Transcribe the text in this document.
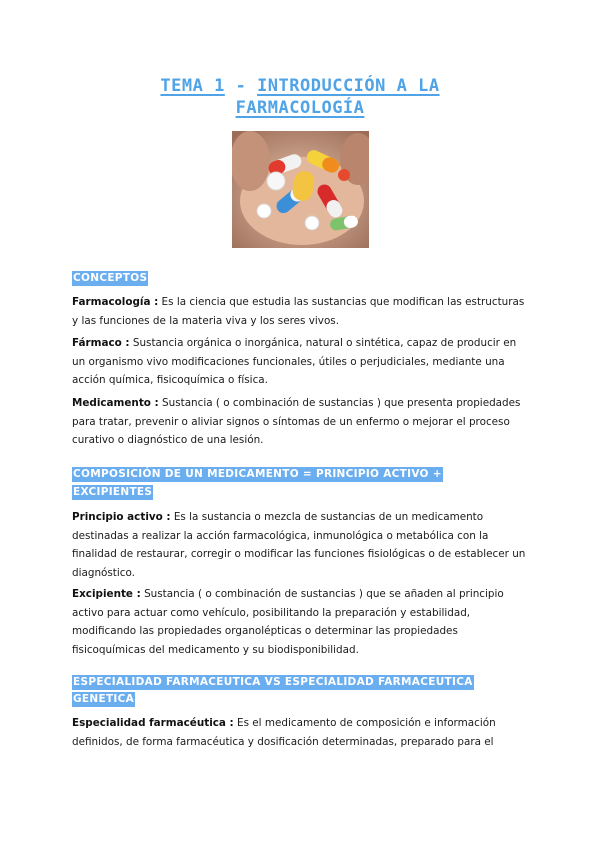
TEMA 1 - INTRODUCCIÓN A LA
FARMACOLOGÍA
CONCEPTOS
Farmacología : Es la ciencia que estudia las sustancias que modifican las estructuras y las funciones de la materia viva y los seres vivos.
Fármaco : Sustancia orgánica o inorgánica, natural o sintética, capaz de producir en un organismo vivo modificaciones funcionales, útiles o perjudiciales, mediante una acción química, fisicoquímica o física.
Medicamento : Sustancia ( o combinación de sustancias ) que presenta propiedades para tratar, prevenir o aliviar signos o síntomas de un enfermo o mejorar el proceso curativo o diagnóstico de una lesión.
COMPOSICIÓN DE UN MEDICAMENTO = PRINCIPIO ACTIVO +
EXCIPIENTES
Principio activo : Es la sustancia o mezcla de sustancias de un medicamento destinadas a realizar la acción farmacológica, inmunológica o metabólica con la finalidad de restaurar, corregir o modificar las funciones fisiológicas o de establecer un diagnóstico.
Excipiente : Sustancia ( o combinación de sustancias ) que se añaden al principio activo para actuar como vehículo, posibilitando la preparación y estabilidad, modificando las propiedades organolépticas o determinar las propiedades fisicoquímicas del medicamento y su biodisponibilidad.
ESPECIALIDAD FARMACEUTICA VS ESPECIALIDAD FARMACEUTICA
GENETICA
Especialidad farmacéutica : Es el medicamento de composición e información definidos, de forma farmacéutica y dosificación determinadas, preparado para el
